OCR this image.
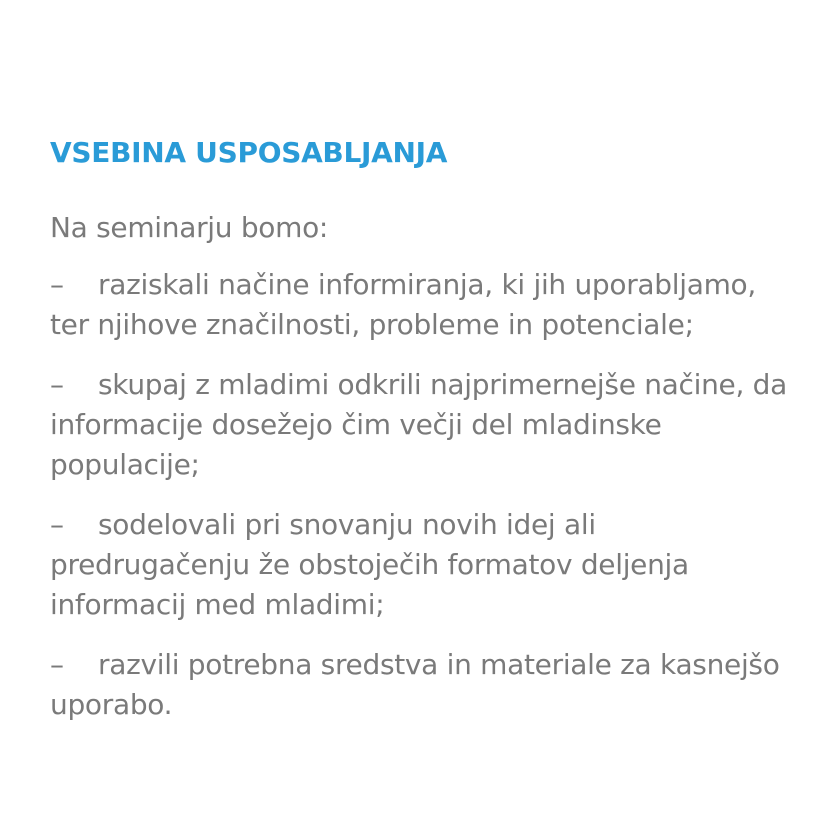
VSEBINA USPOSABLJANJA

Na seminarju bomo:

– raziskali načine informiranja, ki jih uporabljamo, ter njihove značilnosti, probleme in potenciale;
– skupaj z mladimi odkrili najprimernejše načine, da informacije dosežejo čim večji del mladinske populacije;
– sodelovali pri snovanju novih idej ali predrugačenju že obstoječih formatov deljenja informacij med mladimi;
– razvili potrebna sredstva in materiale za kasnejšo uporabo.
